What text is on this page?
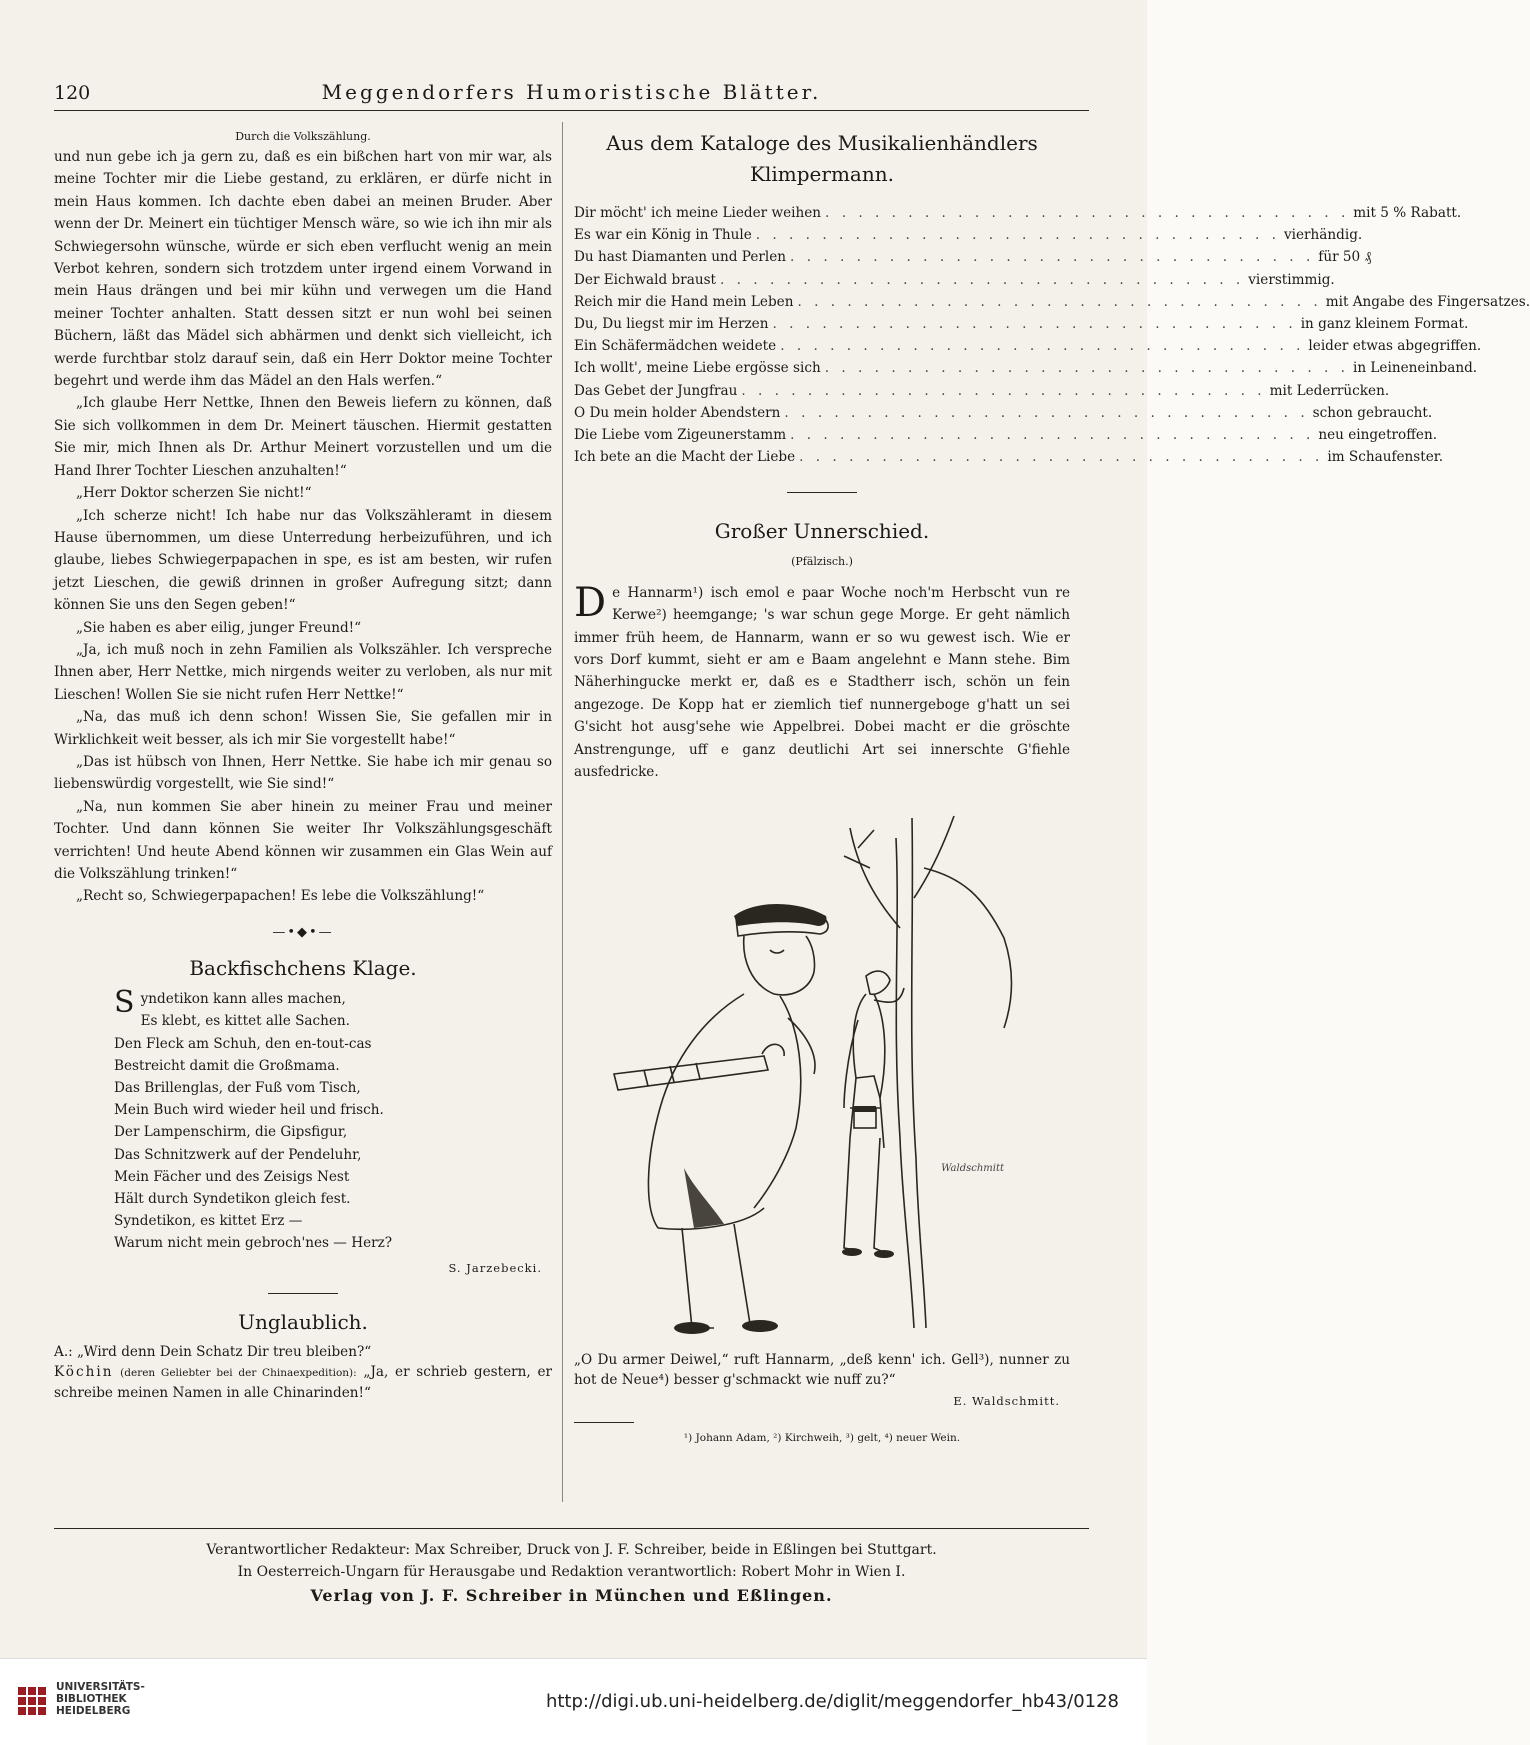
120	Meggendorfers Humoristische Blätter.

Durch die Volkszählung.

und nun gebe ich ja gern zu, daß es ein bißchen hart von mir war, als meine Tochter mir die Liebe gestand, zu erklären, er dürfe nicht in mein Haus kommen. Ich dachte eben dabei an meinen Bruder. Aber wenn der Dr. Meinert ein tüchtiger Mensch wäre, so wie ich ihn mir als Schwiegersohn wünsche, würde er sich eben verflucht wenig an mein Verbot kehren, sondern sich trotzdem unter irgend einem Vorwand in mein Haus drängen und bei mir kühn und verwegen um die Hand meiner Tochter anhalten. Statt dessen sitzt er nun wohl bei seinen Büchern, läßt das Mädel sich abhärmen und denkt sich vielleicht, ich werde furchtbar stolz darauf sein, daß ein Herr Doktor meine Tochter begehrt und werde ihm das Mädel an den Hals werfen.“

„Ich glaube Herr Nettke, Ihnen den Beweis liefern zu können, daß Sie sich vollkommen in dem Dr. Meinert täuschen. Hiermit gestatten Sie mir, mich Ihnen als Dr. Arthur Meinert vorzustellen und um die Hand Ihrer Tochter Lieschen anzuhalten!“

„Herr Doktor scherzen Sie nicht!“

„Ich scherze nicht! Ich habe nur das Volkszähleramt in diesem Hause übernommen, um diese Unterredung herbeizuführen, und ich glaube, liebes Schwiegerpapachen in spe, es ist am besten, wir rufen jetzt Lieschen, die gewiß drinnen in großer Aufregung sitzt; dann können Sie uns den Segen geben!“

„Sie haben es aber eilig, junger Freund!“

„Ja, ich muß noch in zehn Familien als Volkszähler. Ich verspreche Ihnen aber, Herr Nettke, mich nirgends weiter zu verloben, als nur mit Lieschen! Wollen Sie sie nicht rufen Herr Nettke!“

„Na, das muß ich denn schon! Wissen Sie, Sie gefallen mir in Wirklichkeit weit besser, als ich mir Sie vorgestellt habe!“

„Das ist hübsch von Ihnen, Herr Nettke. Sie habe ich mir genau so liebenswürdig vorgestellt, wie Sie sind!“

„Na, nun kommen Sie aber hinein zu meiner Frau und meiner Tochter. Und dann können Sie weiter Ihr Volkszählungsgeschäft verrichten! Und heute Abend können wir zusammen ein Glas Wein auf die Volkszählung trinken!“

„Recht so, Schwiegerpapachen! Es lebe die Volkszählung!“

—•◆•—
Backfischchens Klage.
Syndetikon kann alles machen,
Es klebt, es kittet alle Sachen.
Den Fleck am Schuh, den en-tout-cas
Bestreicht damit die Großmama.
Das Brillenglas, der Fuß vom Tisch,
Mein Buch wird wieder heil und frisch.
Der Lampenschirm, die Gipsfigur,
Das Schnitzwerk auf der Pendeluhr,
Mein Fächer und des Zeisigs Nest
Hält durch Syndetikon gleich fest.
Syndetikon, es kittet Erz —
Warum nicht mein gebroch'nes — Herz?
S. Jarzebecki.
Unglaublich.
A.: „Wird denn Dein Schatz Dir treu bleiben?“
Köchin (deren Geliebter bei der Chinaexpedition): „Ja, er schrieb gestern, er schreibe meinen Namen in alle Chinarinden!“
Aus dem Kataloge des Musikalienhändlers
Klimpermann.
Dir möcht' ich meine Lieder weihen . . . . . . . . . . . . . . . . . . . . . . . . . . . . . . . . mit 5 % Rabatt.
Es war ein König in Thule . . . . . . . . . . . . . . . . . . . . . . . . . . . . . . . . vierhändig.
Du hast Diamanten und Perlen . . . . . . . . . . . . . . . . . . . . . . . . . . . . . . . . für 50 ₰
Der Eichwald braust . . . . . . . . . . . . . . . . . . . . . . . . . . . . . . . . vierstimmig.
Reich mir die Hand mein Leben . . . . . . . . . . . . . . . . . . . . . . . . . . . . . . . . mit Angabe des Fingersatzes.
Du, Du liegst mir im Herzen . . . . . . . . . . . . . . . . . . . . . . . . . . . . . . . . in ganz kleinem Format.
Ein Schäfermädchen weidete . . . . . . . . . . . . . . . . . . . . . . . . . . . . . . . . leider etwas abgegriffen.
Ich wollt', meine Liebe ergösse sich . . . . . . . . . . . . . . . . . . . . . . . . . . . . . . . . in Leineneinband.
Das Gebet der Jungfrau . . . . . . . . . . . . . . . . . . . . . . . . . . . . . . . . mit Lederrücken.
O Du mein holder Abendstern . . . . . . . . . . . . . . . . . . . . . . . . . . . . . . . . schon gebraucht.
Die Liebe vom Zigeunerstamm . . . . . . . . . . . . . . . . . . . . . . . . . . . . . . . . neu eingetroffen.
Ich bete an die Macht der Liebe . . . . . . . . . . . . . . . . . . . . . . . . . . . . . . . . im Schaufenster.
Großer Unnerschied.
(Pfälzisch.)

De Hannarm¹) isch emol e paar Woche noch'm Herbscht vun re Kerwe²) heemgange; 's war schun gege Morge. Er geht nämlich immer früh heem, de Hannarm, wann er so wu gewest isch. Wie er vors Dorf kummt, sieht er am e Baam angelehnt e Mann stehe. Bim Näherhingucke merkt er, daß es e Stadtherr isch, schön un fein angezoge. De Kopp hat er ziemlich tief nunnergeboge g'hatt un sei G'sicht hot ausg'sehe wie Appelbrei. Dobei macht er die gröschte Anstrengunge, uff e ganz deutlichi Art sei innerschte G'fiehle ausfedricke.

Waldschmitt
„O Du armer Deiwel,“ ruft Hannarm, „deß kenn' ich. Gell³), nunner zu hot de Neue⁴) besser g'schmackt wie nuff zu?“
E. Waldschmitt.
¹) Johann Adam, ²) Kirchweih, ³) gelt, ⁴) neuer Wein.
Verantwortlicher Redakteur: Max Schreiber, Druck von J. F. Schreiber, beide in Eßlingen bei Stuttgart.
In Oesterreich-Ungarn für Herausgabe und Redaktion verantwortlich: Robert Mohr in Wien I.
Verlag von J. F. Schreiber in München und Eßlingen.
UNIVERSITÄTS-
BIBLIOTHEK
HEIDELBERG	http://digi.ub.uni-heidelberg.de/diglit/meggendorfer_hb43/0128
